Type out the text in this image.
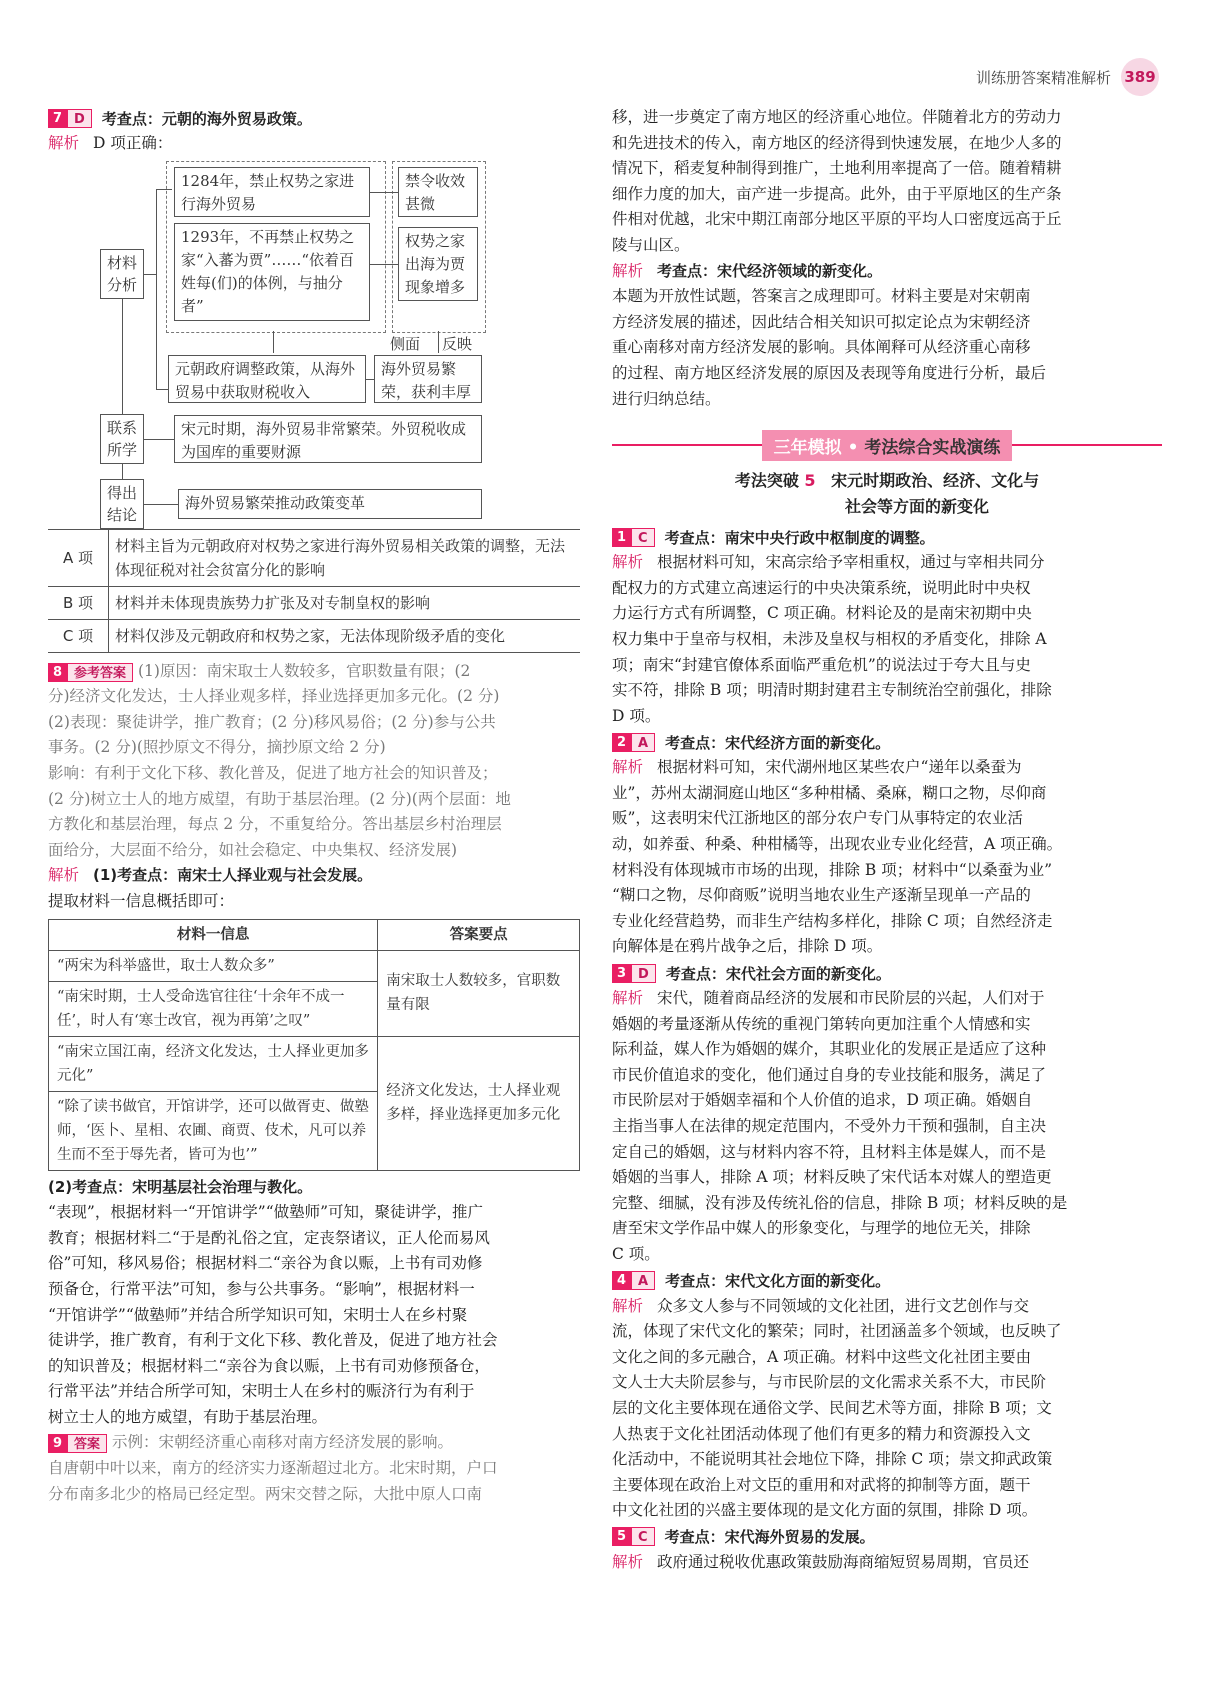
训练册答案精准解析 389
7 D	考查点：元朝的海外贸易政策。
解析 D 项正确：
材料分析
联系所学
得出结论
1284年，禁止权势之家进行海外贸易
1293年，不再禁止权势之家“入蕃为贾”……“依着百姓每(们)的体例，与抽分者”
禁令收效甚微
权势之家出海为贾现象增多
侧面 反映
元朝政府调整政策，从海外贸易中获取财税收入
海外贸易繁荣，获利丰厚
宋元时期，海外贸易非常繁荣。外贸税收成为国库的重要财源
海外贸易繁荣推动政策变革
A 项	材料主旨为元朝政府对权势之家进行海外贸易相关政策的调整，无法体现征税对社会贫富分化的影响
B 项	材料并未体现贵族势力扩张及对专制皇权的影响
C 项	材料仅涉及元朝政府和权势之家，无法体现阶级矛盾的变化
8 参考答案 (1)原因：南宋取士人数较多，官职数量有限；(2
分)经济文化发达，士人择业观多样，择业选择更加多元化。(2 分)
(2)表现：聚徒讲学，推广教育；(2 分)移风易俗；(2 分)参与公共
事务。(2 分)(照抄原文不得分，摘抄原文给 2 分)
影响：有利于文化下移、教化普及，促进了地方社会的知识普及；
(2 分)树立士人的地方威望，有助于基层治理。(2 分)(两个层面：地
方教化和基层治理，每点 2 分，不重复给分。答出基层乡村治理层
面给分，大层面不给分，如社会稳定、中央集权、经济发展)
解析 (1)考查点：南宋士人择业观与社会发展。
提取材料一信息概括即可：
材料一信息	答案要点
“两宋为科举盛世，取士人数众多”	南宋取士人数较多，官职数量有限
“南宋时期，士人受命选官往往‘十余年不成一任’，时人有‘寒士改官，视为再第’之叹”	
“南宋立国江南，经济文化发达，士人择业更加多元化”	经济文化发达，士人择业观多样，择业选择更加多元化
“除了读书做官，开馆讲学，还可以做胥吏、做塾师，‘医卜、星相、农圃、商贾、伎术，凡可以养生而不至于辱先者，皆可为也’”	
(2)考查点：宋明基层社会治理与教化。
“表现”，根据材料一“开馆讲学”“做塾师”可知，聚徒讲学，推广
教育；根据材料二“于是酌礼俗之宜，定丧祭诸议，正人伦而易风
俗”可知，移风易俗；根据材料二“亲谷为食以赈，上书有司劝修
预备仓，行常平法”可知，参与公共事务。“影响”，根据材料一
“开馆讲学”“做塾师”并结合所学知识可知，宋明士人在乡村聚
徒讲学，推广教育，有利于文化下移、教化普及，促进了地方社会
的知识普及；根据材料二“亲谷为食以赈，上书有司劝修预备仓，
行常平法”并结合所学可知，宋明士人在乡村的赈济行为有利于
树立士人的地方威望，有助于基层治理。
9 答案 示例：宋朝经济重心南移对南方经济发展的影响。
自唐朝中叶以来，南方的经济实力逐渐超过北方。北宋时期，户口
分布南多北少的格局已经定型。两宋交替之际，大批中原人口南
移，进一步奠定了南方地区的经济重心地位。伴随着北方的劳动力
和先进技术的传入，南方地区的经济得到快速发展，在地少人多的
情况下，稻麦复种制得到推广，土地利用率提高了一倍。随着精耕
细作力度的加大，亩产进一步提高。此外，由于平原地区的生产条
件相对优越，北宋中期江南部分地区平原的平均人口密度远高于丘
陵与山区。
解析 考查点：宋代经济领域的新变化。
本题为开放性试题，答案言之成理即可。材料主要是对宋朝南
方经济发展的描述，因此结合相关知识可拟定论点为宋朝经济
重心南移对南方经济发展的影响。具体阐释可从经济重心南移
的过程、南方地区经济发展的原因及表现等角度进行分析，最后
进行归纳总结。
三年模拟 • 考法综合实战演练
考法突破 5 宋元时期政治、经济、文化与
社会等方面的新变化
1 C	考查点：南宋中央行政中枢制度的调整。
解析 根据材料可知，宋高宗给予宰相重权，通过与宰相共同分
配权力的方式建立高速运行的中央决策系统，说明此时中央权
力运行方式有所调整，C 项正确。材料论及的是南宋初期中央
权力集中于皇帝与权相，未涉及皇权与相权的矛盾变化，排除 A
项；南宋“封建官僚体系面临严重危机”的说法过于夸大且与史
实不符，排除 B 项；明清时期封建君主专制统治空前强化，排除
D 项。
2 A	考查点：宋代经济方面的新变化。
解析 根据材料可知，宋代湖州地区某些农户“递年以桑蚕为
业”，苏州太湖洞庭山地区“多种柑橘、桑麻，糊口之物，尽仰商
贩”，这表明宋代江浙地区的部分农户专门从事特定的农业活
动，如养蚕、种桑、种柑橘等，出现农业专业化经营，A 项正确。
材料没有体现城市市场的出现，排除 B 项；材料中“以桑蚕为业”
“糊口之物，尽仰商贩”说明当地农业生产逐渐呈现单一产品的
专业化经营趋势，而非生产结构多样化，排除 C 项；自然经济走
向解体是在鸦片战争之后，排除 D 项。
3 D	考查点：宋代社会方面的新变化。
解析 宋代，随着商品经济的发展和市民阶层的兴起，人们对于
婚姻的考量逐渐从传统的重视门第转向更加注重个人情感和实
际利益，媒人作为婚姻的媒介，其职业化的发展正是适应了这种
市民价值追求的变化，他们通过自身的专业技能和服务，满足了
市民阶层对于婚姻幸福和个人价值的追求，D 项正确。婚姻自
主指当事人在法律的规定范围内，不受外力干预和强制，自主决
定自己的婚姻，这与材料内容不符，且材料主体是媒人，而不是
婚姻的当事人，排除 A 项；材料反映了宋代话本对媒人的塑造更
完整、细腻，没有涉及传统礼俗的信息，排除 B 项；材料反映的是
唐至宋文学作品中媒人的形象变化，与理学的地位无关，排除
C 项。
4 A	考查点：宋代文化方面的新变化。
解析 众多文人参与不同领域的文化社团，进行文艺创作与交
流，体现了宋代文化的繁荣；同时，社团涵盖多个领域，也反映了
文化之间的多元融合，A 项正确。材料中这些文化社团主要由
文人士大夫阶层参与，与市民阶层的文化需求关系不大，市民阶
层的文化主要体现在通俗文学、民间艺术等方面，排除 B 项；文
人热衷于文化社团活动体现了他们有更多的精力和资源投入文
化活动中，不能说明其社会地位下降，排除 C 项；崇文抑武政策
主要体现在政治上对文臣的重用和对武将的抑制等方面，题干
中文化社团的兴盛主要体现的是文化方面的氛围，排除 D 项。
5 C	考查点：宋代海外贸易的发展。
解析 政府通过税收优惠政策鼓励海商缩短贸易周期，官员还
